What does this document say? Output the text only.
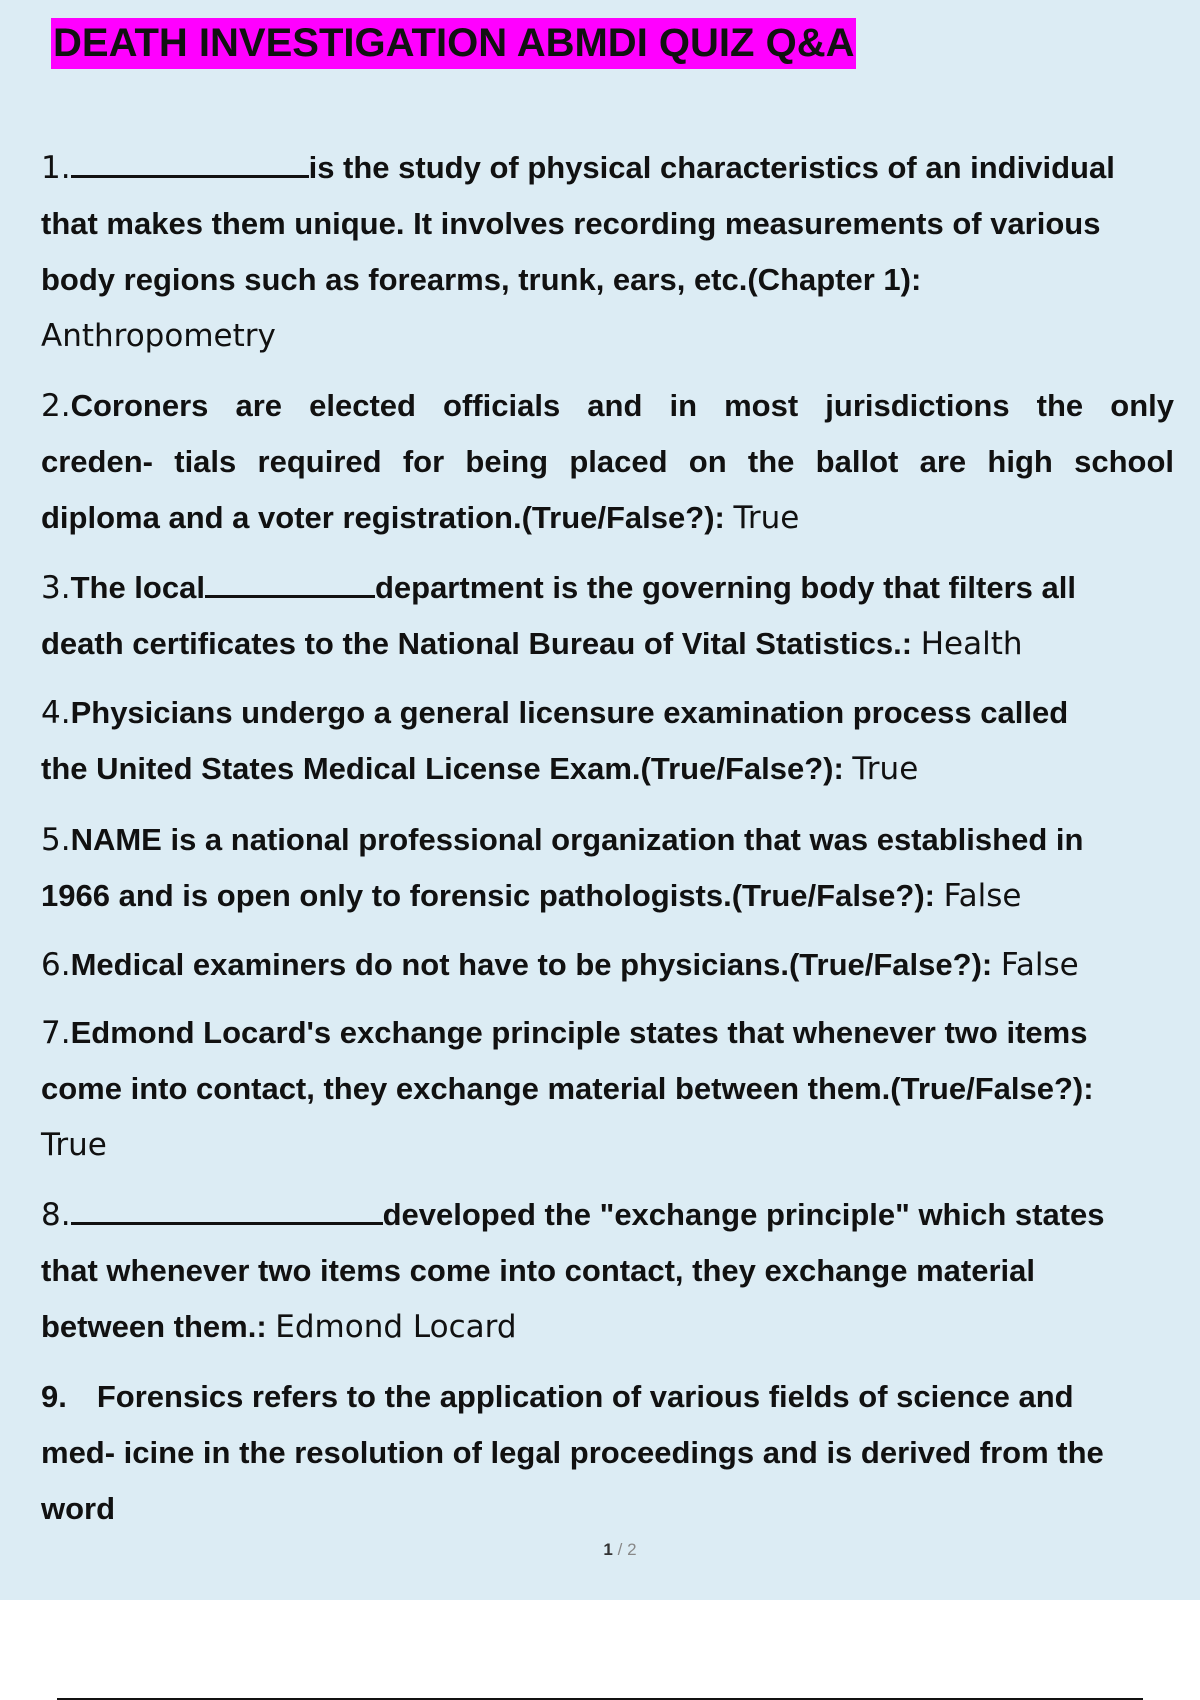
DEATH INVESTIGATION ABMDI QUIZ Q&A
1.	is the study of physical characteristics of an individual
that makes them unique. It involves recording measurements of various
body regions such as forearms, trunk, ears, etc.(Chapter 1):
Anthropometry
2.Coroners are elected officials and in most jurisdictions the only
creden- tials required for being placed on the ballot are high school
diploma and a voter registration.(True/False?): True
3.The local	department is the governing body that filters all
death certificates to the National Bureau of Vital Statistics.: Health
4.Physicians undergo a general licensure examination process called
the United States Medical License Exam.(True/False?): True
5.NAME is a national professional organization that was established in
1966 and is open only to forensic pathologists.(True/False?): False
6.Medical examiners do not have to be physicians.(True/False?): False
7.Edmond Locard's exchange principle states that whenever two items
come into contact, they exchange material between them.(True/False?):
True
8.	developed the "exchange principle" which states
that whenever two items come into contact, they exchange material
between them.: Edmond Locard
9. Forensics refers to the application of various fields of science and
med- icine in the resolution of legal proceedings and is derived from the
word
1 / 2
